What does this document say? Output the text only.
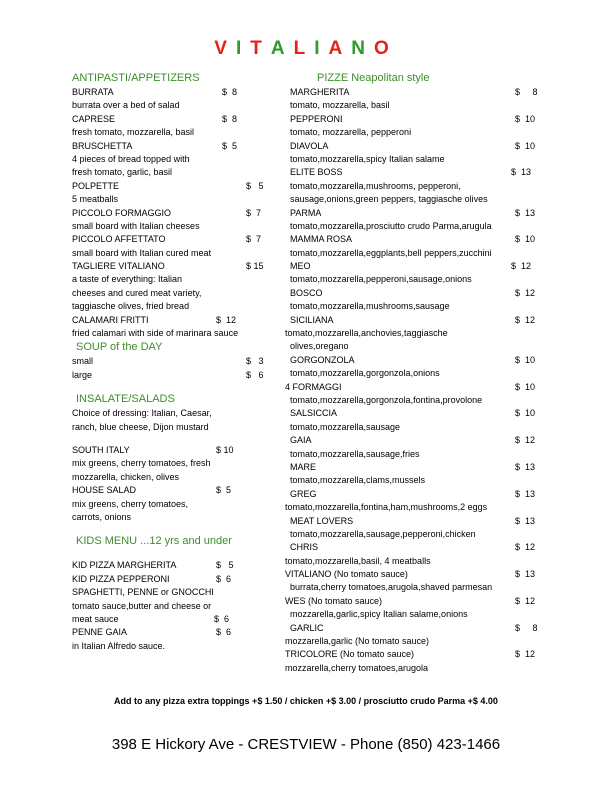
VITALIANO
ANTIPASTI/APPETIZERS
BURRATA	$  8
burrata over a bed of salad
CAPRESE	$  8
fresh tomato, mozzarella, basil
BRUSCHETTA	$  5
4 pieces of bread topped with
fresh tomato, garlic, basil
POLPETTE	$   5
5 meatballs
PICCOLO FORMAGGIO	$  7
small board with Italian cheeses
PICCOLO AFFETTATO	$  7
small board with Italian cured meat
TAGLIERE VITALIANO	$ 15
a taste of everything: Italian
cheeses and cured meat variety,
taggiasche olives, fried bread
CALAMARI FRITTI	$  12
fried calamari with side of marinara sauce
SOUP of the DAY
small	$   3
large	$   6
INSALATE/SALADS
Choice of dressing: Italian, Caesar,
ranch, blue cheese, Dijon mustard
SOUTH ITALY	$ 10
mix greens, cherry tomatoes, fresh
mozzarella, chicken, olives
HOUSE SALAD	$  5
mix greens, cherry tomatoes,
carrots, onions
KIDS MENU ...12 yrs and under
KID PIZZA MARGHERITA	$   5
KID PIZZA PEPPERONI	$  6
SPAGHETTI, PENNE or GNOCCHI
tomato sauce,butter and cheese or
meat sauce	$  6
PENNE GAIA	$  6
in Italian Alfredo sauce.
PIZZE Neapolitan style
MARGHERITA	$     8
tomato, mozzarella, basil
PEPPERONI	$  10
tomato, mozzarella, pepperoni
DIAVOLA	$  10
tomato,mozzarella,spicy Italian salame
ELITE BOSS	$  13
tomato,mozzarella,mushrooms, pepperoni,
sausage,onions,green peppers, taggiasche olives
PARMA	$  13
tomato,mozzarella,prosciutto crudo Parma,arugula
MAMMA ROSA	$  10
tomato,mozzarella,eggplants,bell peppers,zucchini
MEO	$  12
tomato,mozzarella,pepperoni,sausage,onions
BOSCO	$  12
tomato,mozzarella,mushrooms,sausage
SICILIANA	$  12
tomato,mozzarella,anchovies,taggiasche
olives,oregano
GORGONZOLA	$  10
tomato,mozzarella,gorgonzola,onions
4 FORMAGGI	$  10
tomato,mozzarella,gorgonzola,fontina,provolone
SALSICCIA	$  10
tomato,mozzarella,sausage
GAIA	$  12
tomato,mozzarella,sausage,fries
MARE	$  13
tomato,mozzarella,clams,mussels
GREG	$  13
tomato,mozzarella,fontina,ham,mushrooms,2 eggs
MEAT LOVERS	$  13
tomato,mozzarella,sausage,pepperoni,chicken
CHRIS	$  12
tomato,mozzarella,basil, 4 meatballs
VITALIANO (No tomato sauce)	$  13
burrata,cherry tomatoes,arugola,shaved parmesan
WES (No tomato sauce)	$  12
mozzarella,garlic,spicy Italian salame,onions
GARLIC	$     8
mozzarella,garlic (No tomato sauce)
TRICOLORE (No tomato sauce)	$  12
mozzarella,cherry tomatoes,arugola
Add to any pizza extra toppings +$ 1.50 / chicken +$ 3.00 / prosciutto crudo Parma +$ 4.00
398 E Hickory Ave - CRESTVIEW - Phone (850) 423-1466
